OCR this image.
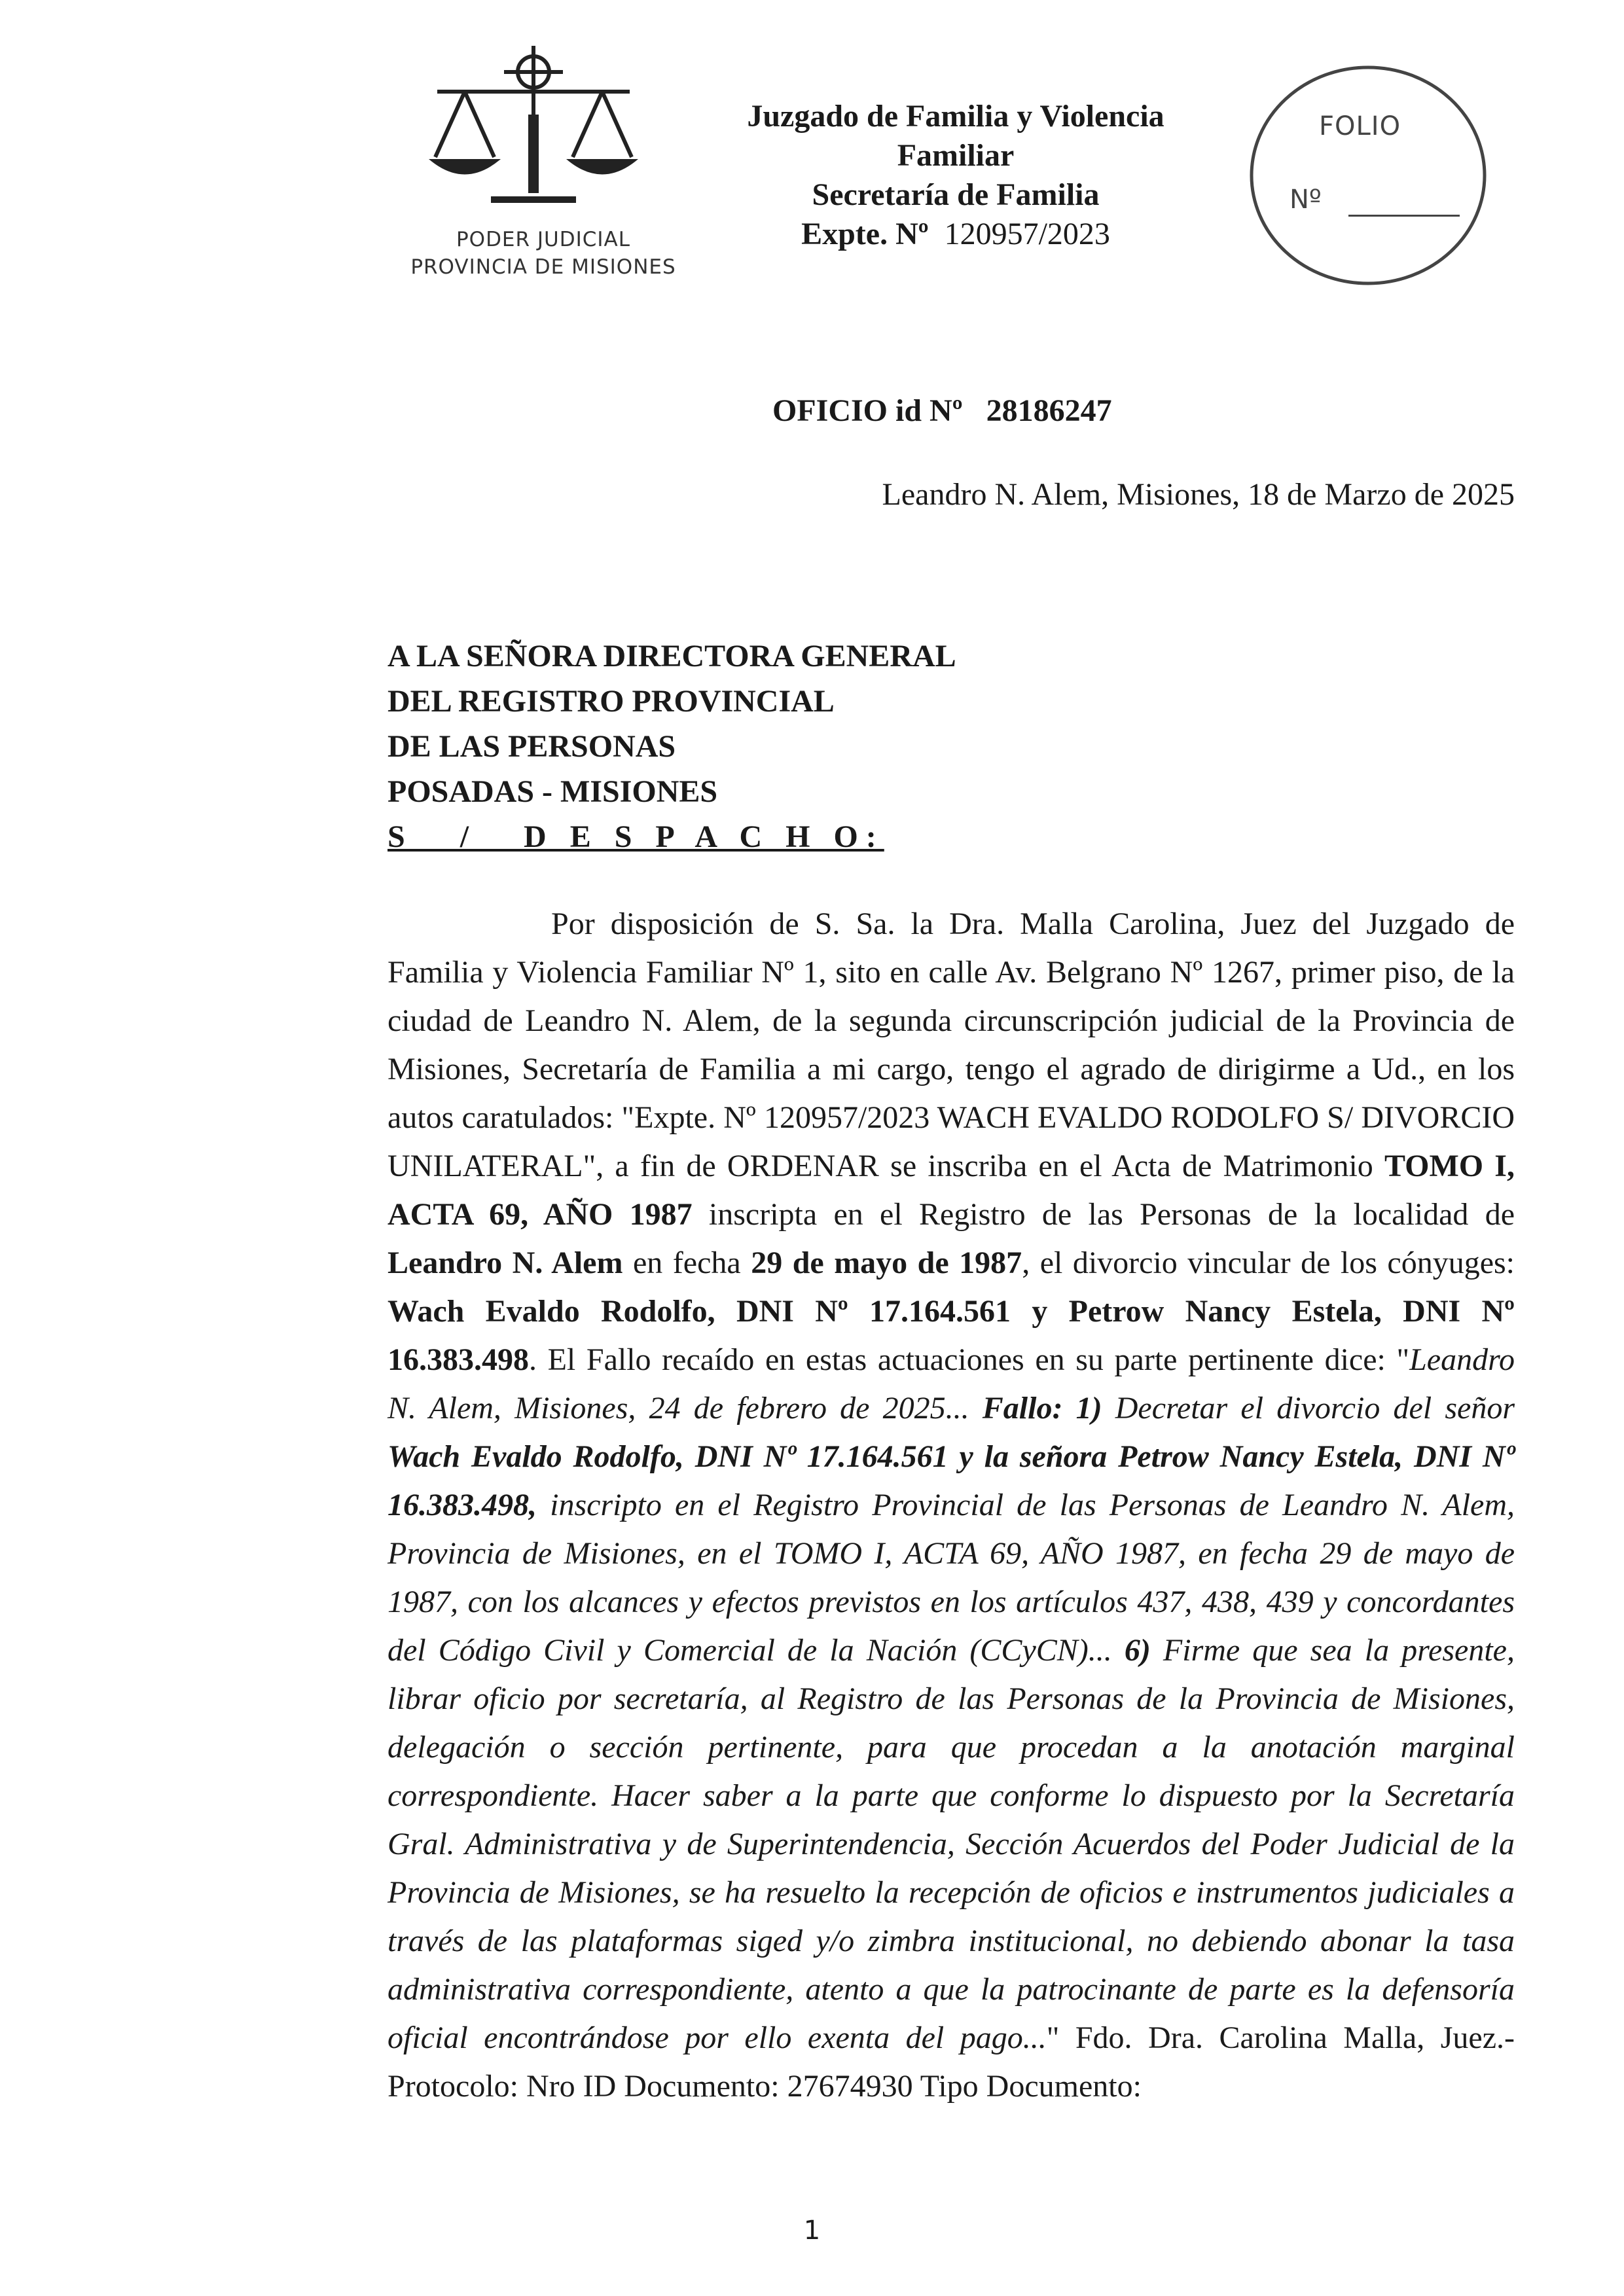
PODER JUDICIAL
PROVINCIA DE MISIONES
Juzgado de Familia y Violencia
Familiar
Secretaría de Familia
Expte. Nº 120957/2023
FOLIO
Nº
OFICIO id Nº 28186247
Leandro N. Alem, Misiones, 18 de Marzo de 2025
A LA SEÑORA DIRECTORA GENERAL
DEL REGISTRO PROVINCIAL
DE LAS PERSONAS
POSADAS - MISIONES
S   /   D E S P A C H O:
Por disposición de S. Sa. la Dra. Malla Carolina, Juez del Juzgado de Familia y Violencia Familiar Nº 1, sito en calle Av. Belgrano Nº 1267, primer piso, de la ciudad de Leandro N. Alem, de la segunda circunscripción judicial de la Provincia de Misiones, Secretaría de Familia a mi cargo, tengo el agrado de dirigirme a Ud., en los autos caratulados: "Expte. Nº 120957/2023 WACH EVALDO RODOLFO S/ DIVORCIO UNILATERAL", a fin de ORDENAR se inscriba en el Acta de Matrimonio TOMO I, ACTA 69, AÑO 1987 inscripta en el Registro de las Personas de la localidad de Leandro N. Alem en fecha 29 de mayo de 1987, el divorcio vincular de los cónyuges: Wach Evaldo Rodolfo, DNI Nº 17.164.561 y Petrow Nancy Estela, DNI Nº 16.383.498. El Fallo recaído en estas actuaciones en su parte pertinente dice: "Leandro N. Alem, Misiones, 24 de febrero de 2025... Fallo: 1) Decretar el divorcio del señor Wach Evaldo Rodolfo, DNI Nº 17.164.561 y la señora Petrow Nancy Estela, DNI Nº 16.383.498, inscripto en el Registro Provincial de las Personas de Leandro N. Alem, Provincia de Misiones, en el TOMO I, ACTA 69, AÑO 1987, en fecha 29 de mayo de 1987, con los alcances y efectos previstos en los artículos 437, 438, 439 y concordantes del Código Civil y Comercial de la Nación (CCyCN)... 6) Firme que sea la presente, librar oficio por secretaría, al Registro de las Personas de la Provincia de Misiones, delegación o sección pertinente, para que procedan a la anotación marginal correspondiente. Hacer saber a la parte que conforme lo dispuesto por la Secretaría Gral. Administrativa y de Superintendencia, Sección Acuerdos del Poder Judicial de la Provincia de Misiones, se ha resuelto la recepción de oficios e instrumentos judiciales a través de las plataformas siged y/o zimbra institucional, no debiendo abonar la tasa administrativa correspondiente, atento a que la patrocinante de parte es la defensoría oficial encontrándose por ello exenta del pago..." Fdo. Dra. Carolina Malla, Juez.- Protocolo: Nro ID Documento: 27674930 Tipo Documento:
1
